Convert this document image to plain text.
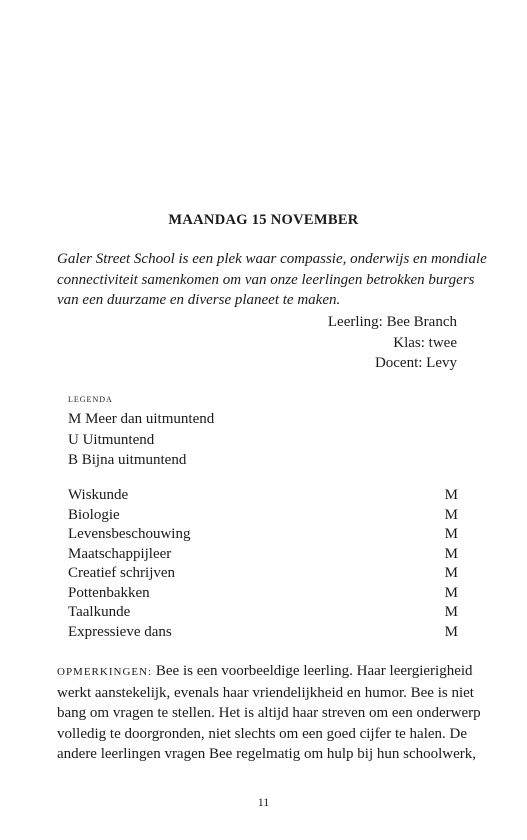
MAANDAG 15 NOVEMBER
Galer Street School is een plek waar compassie, onderwijs en mondiale
connectiviteit samenkomen om van onze leerlingen betrokken burgers
van een duurzame en diverse planeet te maken.
Leerling: Bee Branch
Klas: twee
Docent: Levy
legenda
M Meer dan uitmuntend
U Uitmuntend
B Bijna uitmuntend
Wiskunde	M
Biologie	M
Levensbeschouwing	M
Maatschappijleer	M
Creatief schrijven	M
Pottenbakken	M
Taalkunde	M
Expressieve dans	M
OPMERKINGEN: Bee is een voorbeeldige leerling. Haar leergierigheid
werkt aanstekelijk, evenals haar vriendelijkheid en humor. Bee is niet
bang om vragen te stellen. Het is altijd haar streven om een onderwerp
volledig te doorgronden, niet slechts om een goed cijfer te halen. De
andere leerlingen vragen Bee regelmatig om hulp bij hun schoolwerk,
11
